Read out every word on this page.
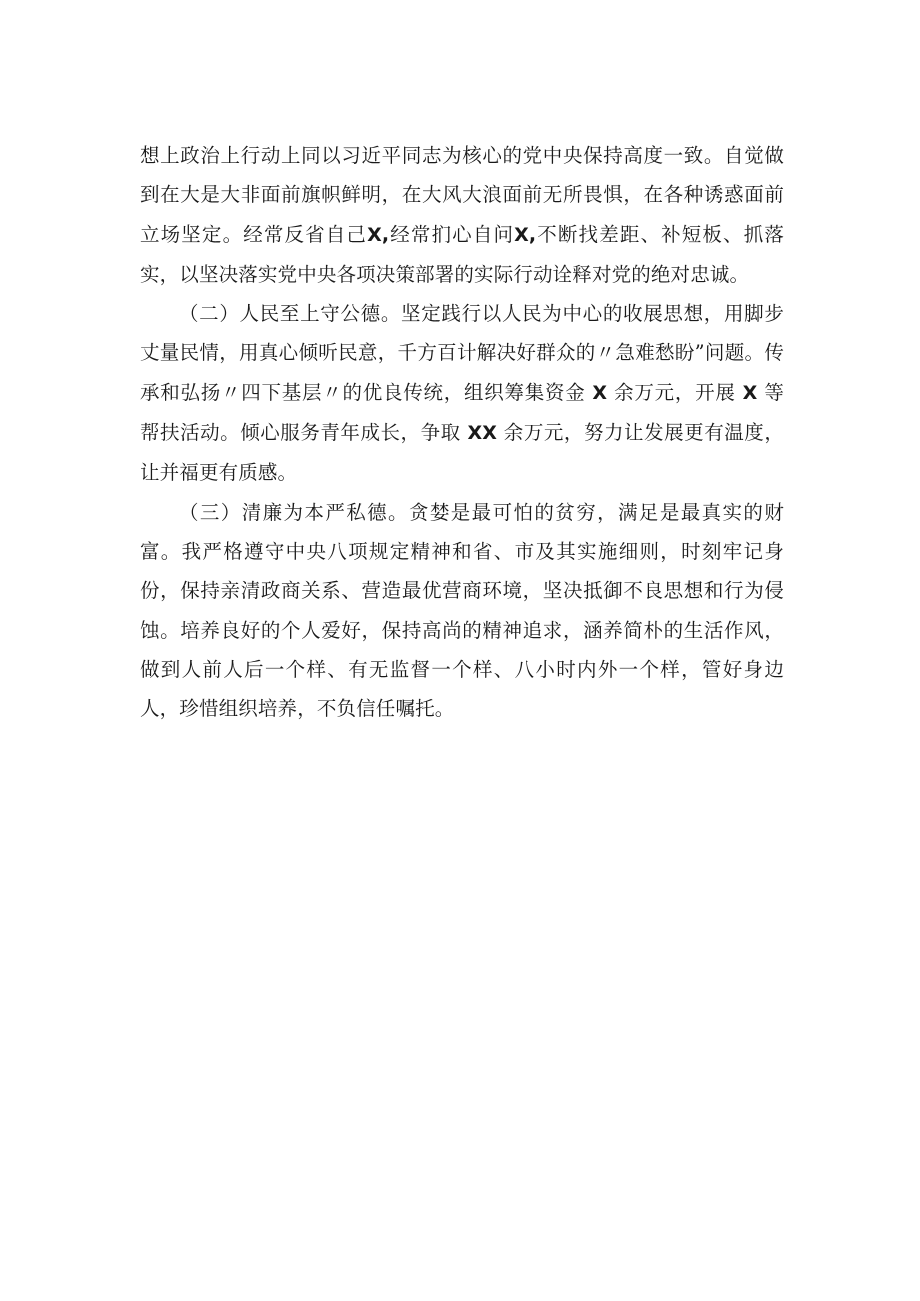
想上政治上行动上同以习近平同志为核心的党中央保持高度一致。自觉做到在大是大非面前旗帜鲜明，在大风大浪面前无所畏惧，在各种诱惑面前立场坚定。经常反省自己X,经常扪心自问X,不断找差距、补短板、抓落实，以坚决落实党中央各项决策部署的实际行动诠释对党的绝对忠诚。

（二）人民至上守公德。坚定践行以人民为中心的收展思想，用脚步丈量民情，用真心倾听民意，千方百计解决好群众的〃急难愁盼”问题。传承和弘扬〃四下基层〃的优良传统，组织筹集资金 X 余万元，开展 X 等帮扶活动。倾心服务青年成长，争取 XX 余万元，努力让发展更有温度，让并福更有质感。

（三）清廉为本严私德。贪婪是最可怕的贫穷，满足是最真实的财富。我严格遵守中央八项规定精神和省、市及其实施细则，时刻牢记身份，保持亲清政商关系、营造最优营商环境，坚决抵御不良思想和行为侵蚀。培养良好的个人爱好，保持高尚的精神追求，涵养简朴的生活作风，做到人前人后一个样、有无监督一个样、八小时内外一个样，管好身边人，珍惜组织培养，不负信任嘱托。
